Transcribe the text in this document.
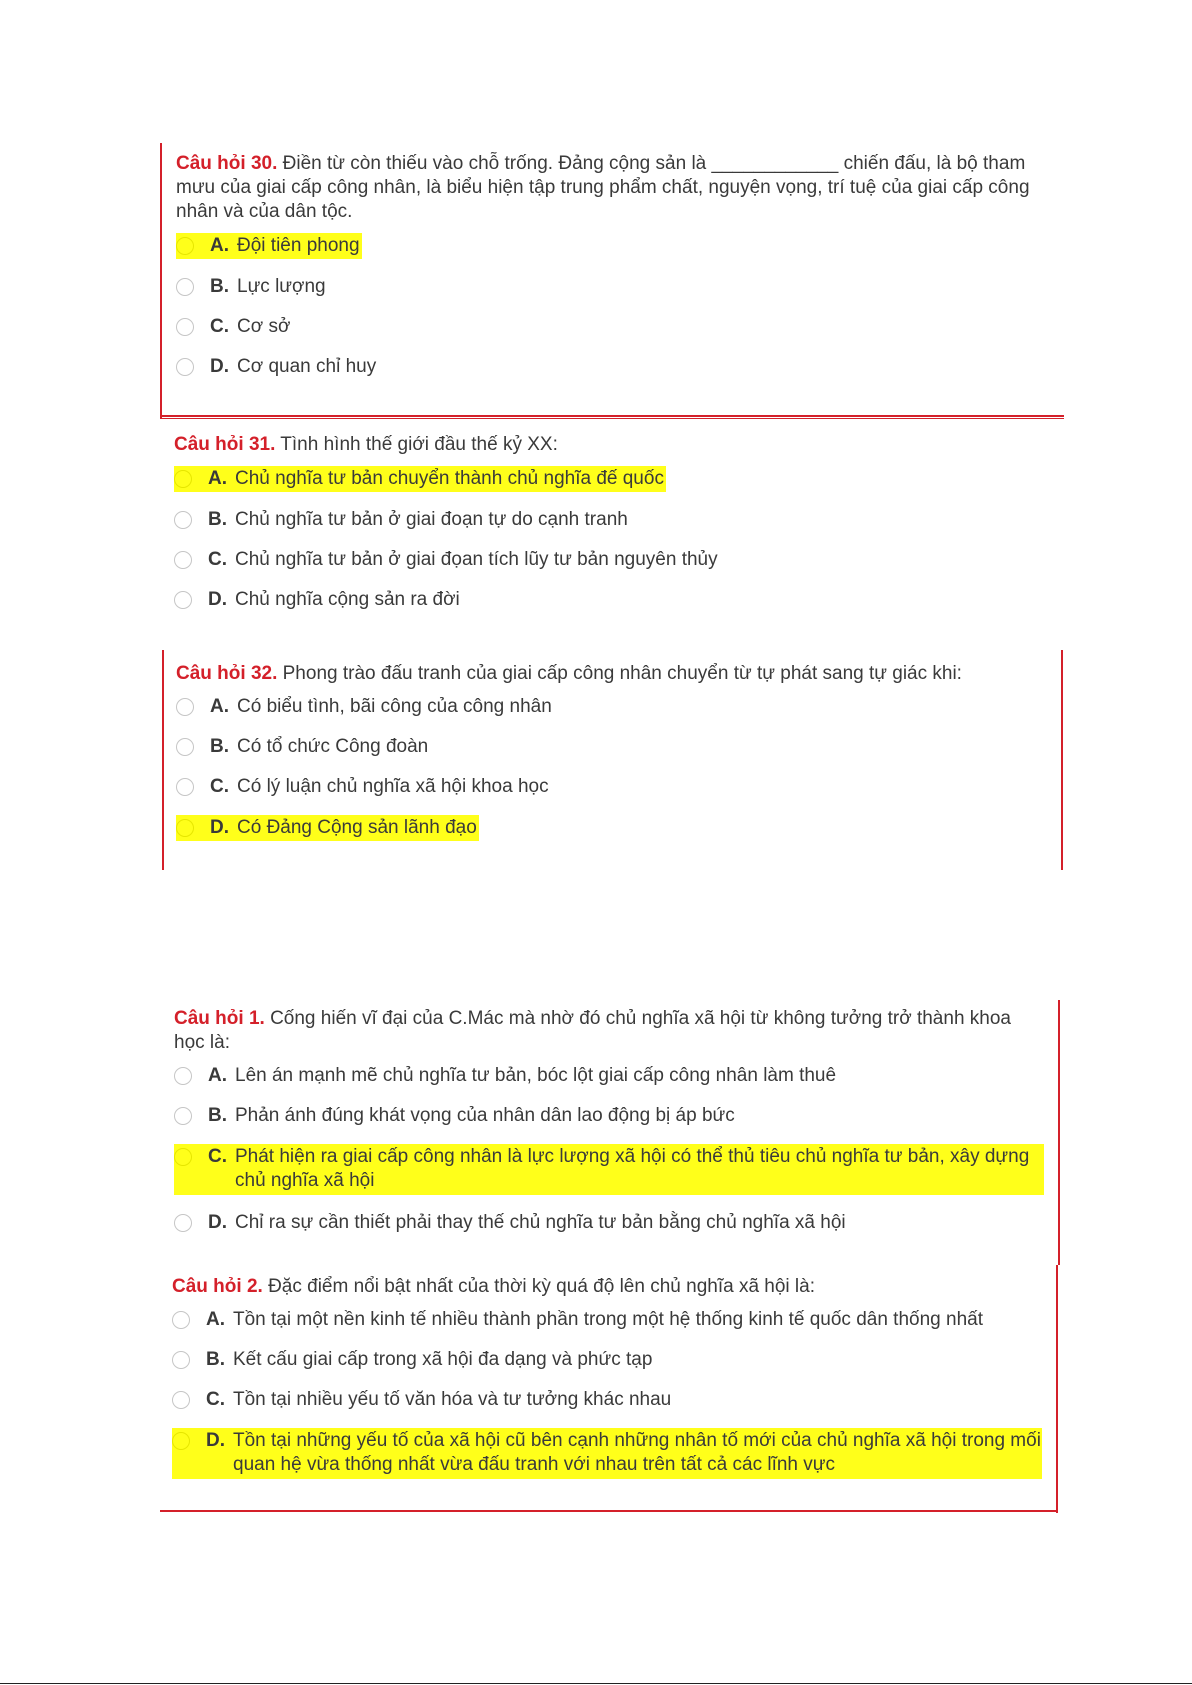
Câu hỏi 30. Điền từ còn thiếu vào chỗ trống. Đảng cộng sản là ____________ chiến đấu, là bộ tham mưu của giai cấp công nhân, là biểu hiện tập trung phẩm chất, nguyện vọng, trí tuệ của giai cấp công nhân và của dân tộc.

A. Đội tiên phong
B. Lực lượng
C. Cơ sở
D. Cơ quan chỉ huy

Câu hỏi 31. Tình hình thế giới đầu thế kỷ XX:

A. Chủ nghĩa tư bản chuyển thành chủ nghĩa đế quốc
B. Chủ nghĩa tư bản ở giai đoạn tự do cạnh tranh
C. Chủ nghĩa tư bản ở giai đọan tích lũy tư bản nguyên thủy
D. Chủ nghĩa cộng sản ra đời

Câu hỏi 32. Phong trào đấu tranh của giai cấp công nhân chuyển từ tự phát sang tự giác khi:

A. Có biểu tình, bãi công của công nhân
B. Có tổ chức Công đoàn
C. Có lý luận chủ nghĩa xã hội khoa học
D. Có Đảng Cộng sản lãnh đạo

Câu hỏi 1. Cống hiến vĩ đại của C.Mác mà nhờ đó chủ nghĩa xã hội từ không tưởng trở thành khoa học là:

A. Lên án mạnh mẽ chủ nghĩa tư bản, bóc lột giai cấp công nhân làm thuê
B. Phản ánh đúng khát vọng của nhân dân lao động bị áp bức
C. Phát hiện ra giai cấp công nhân là lực lượng xã hội có thể thủ tiêu chủ nghĩa tư bản, xây dựng chủ nghĩa xã hội
D. Chỉ ra sự cần thiết phải thay thế chủ nghĩa tư bản bằng chủ nghĩa xã hội

Câu hỏi 2. Đặc điểm nổi bật nhất của thời kỳ quá độ lên chủ nghĩa xã hội là:

A. Tồn tại một nền kinh tế nhiều thành phần trong một hệ thống kinh tế quốc dân thống nhất
B. Kết cấu giai cấp trong xã hội đa dạng và phức tạp
C. Tồn tại nhiều yếu tố văn hóa và tư tưởng khác nhau
D. Tồn tại những yếu tố của xã hội cũ bên cạnh những nhân tố mới của chủ nghĩa xã hội trong mối quan hệ vừa thống nhất vừa đấu tranh với nhau trên tất cả các lĩnh vực
